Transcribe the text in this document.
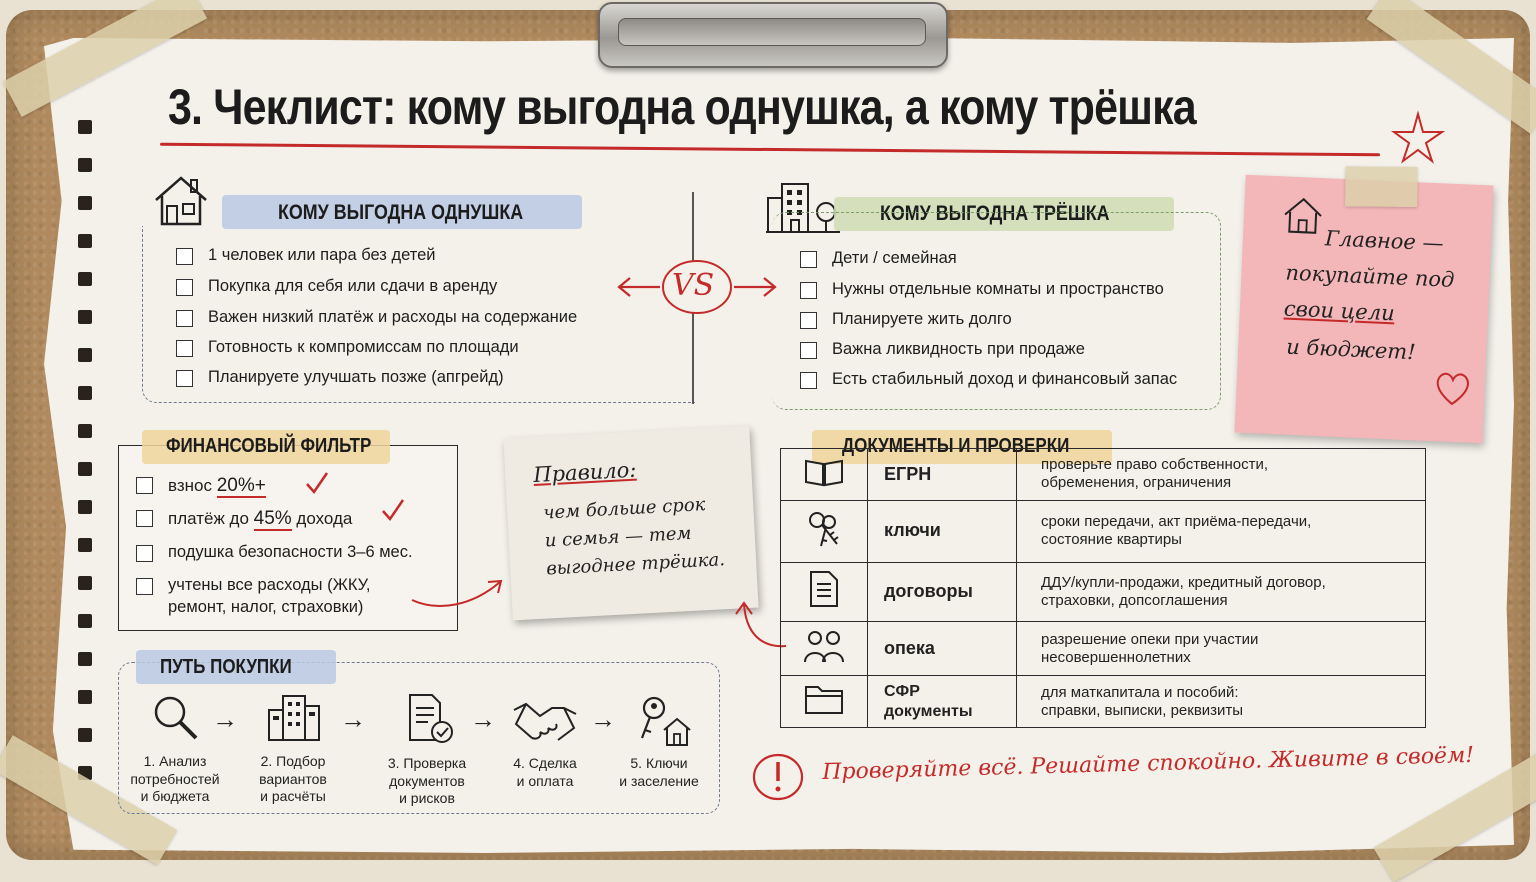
3. Чеклист: кому выгодна однушка, а кому трёшка
КОМУ ВЫГОДНА ОДНУШКА
1 человек или пара без детей
Покупка для себя или сдачи в аренду
Важен низкий платёж и расходы на содержание
Готовность к компромиссам по площади
Планируете улучшать позже (апгрейд)
VS
КОМУ ВЫГОДНА ТРЁШКА
Дети / семейная
Нужны отдельные комнаты и пространство
Планируете жить долго
Важна ликвидность при продаже
Есть стабильный доход и финансовый запас
Главное —
покупайте под
свои цели
и бюджет!
ФИНАНСОВЫЙ ФИЛЬТР
взнос 20%+
платёж до 45% дохода
подушка безопасности 3–6 мес.
учтены все расходы (ЖКУ,
ремонт, налог, страховки)
Правило:
чем больше срок
и семья — тем
выгоднее трёшка.
ДОКУМЕНТЫ И ПРОВЕРКИ
	ЕГРН	проверьте право собственности,
обременения, ограничения

	ключи	сроки передачи, акт приёма-передачи,
состояние квартиры

	договоры	ДДУ/купли-продажи, кредитный договор,
страховки, допсоглашения

	опека	разрешение опеки при участии
несовершеннолетних

	СФР документы	для маткапитала и пособий:
справки, выписки, реквизиты
ПУТЬ ПОКУПКИ
→	→	→	→
1. Анализ
потребностей
и бюджета
2. Подбор
вариантов
и расчёты
3. Проверка
документов
и рисков
4. Сделка
и оплата
5. Ключи
и заселение	Проверяйте всё. Решайте спокойно. Живите в своём!
